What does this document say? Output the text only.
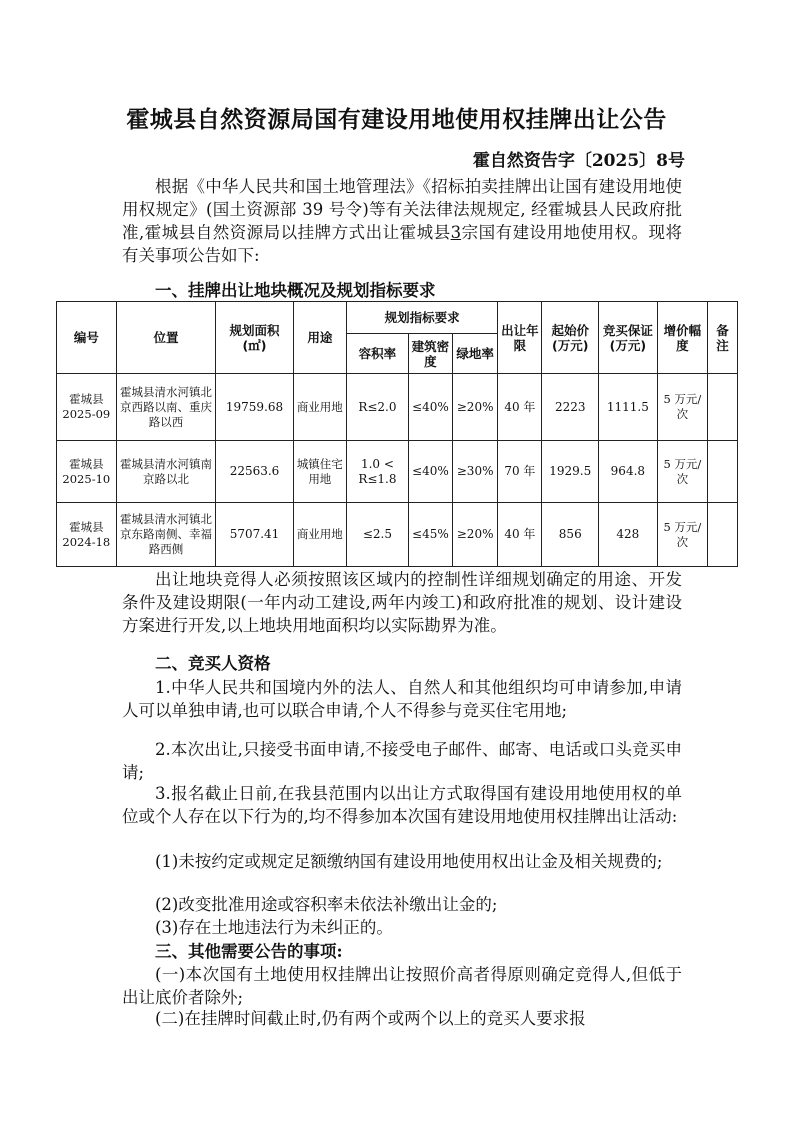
霍城县自然资源局国有建设用地使用权挂牌出让公告
霍自然资告字〔2025〕8号

根据《中华人民共和国土地管理法》《招标拍卖挂牌出让国有建设用地使用权规定》(国土资源部 39 号令)等有关法律法规规定, 经霍城县人民政府批准,霍城县自然资源局以挂牌方式出让霍城县3宗国有建设用地使用权。现将有关事项公告如下:

一、挂牌出让地块概况及规划指标要求

编号	位置	规划面积(㎡)	用途	规划指标要求			出让年限	起始价(万元)	竞买保证(万元)	增价幅 度	备注
				容积率	建筑密度	绿地率					
霍城县2025-09	霍城县清水河镇北京西路以南、重庆路以西	19759.68	商业用地	R≤2.0	≤40%	≥20%	40 年	2223	1111.5	5 万元/次	
霍城县2025-10	霍城县清水河镇南京路以北	22563.6	城镇住宅用地	1.0 < R≤1.8	≤40%	≥30%	70 年	1929.5	964.8	5 万元/次	
霍城县2024-18	霍城县清水河镇北京东路南侧、幸福路西侧	5707.41	商业用地	≤2.5	≤45%	≥20%	40 年	856	428	5 万元/次	

出让地块竞得人必须按照该区域内的控制性详细规划确定的用途、开发条件及建设期限(一年内动工建设,两年内竣工)和政府批准的规划、设计建设方案进行开发,以上地块用地面积均以实际勘界为准。

二、竞买人资格

1.中华人民共和国境内外的法人、自然人和其他组织均可申请参加,申请人可以单独申请,也可以联合申请,个人不得参与竞买住宅用地;

2.本次出让,只接受书面申请,不接受电子邮件、邮寄、电话或口头竞买申请;

3.报名截止日前,在我县范围内以出让方式取得国有建设用地使用权的单位或个人存在以下行为的,均不得参加本次国有建设用地使用权挂牌出让活动:

(1)未按约定或规定足额缴纳国有建设用地使用权出让金及相关规费的;

(2)改变批准用途或容积率未依法补缴出让金的;

(3)存在土地违法行为未纠正的。

三、其他需要公告的事项:

(一)本次国有土地使用权挂牌出让按照价高者得原则确定竞得人,但低于出让底价者除外;

(二)在挂牌时间截止时,仍有两个或两个以上的竞买人要求报
